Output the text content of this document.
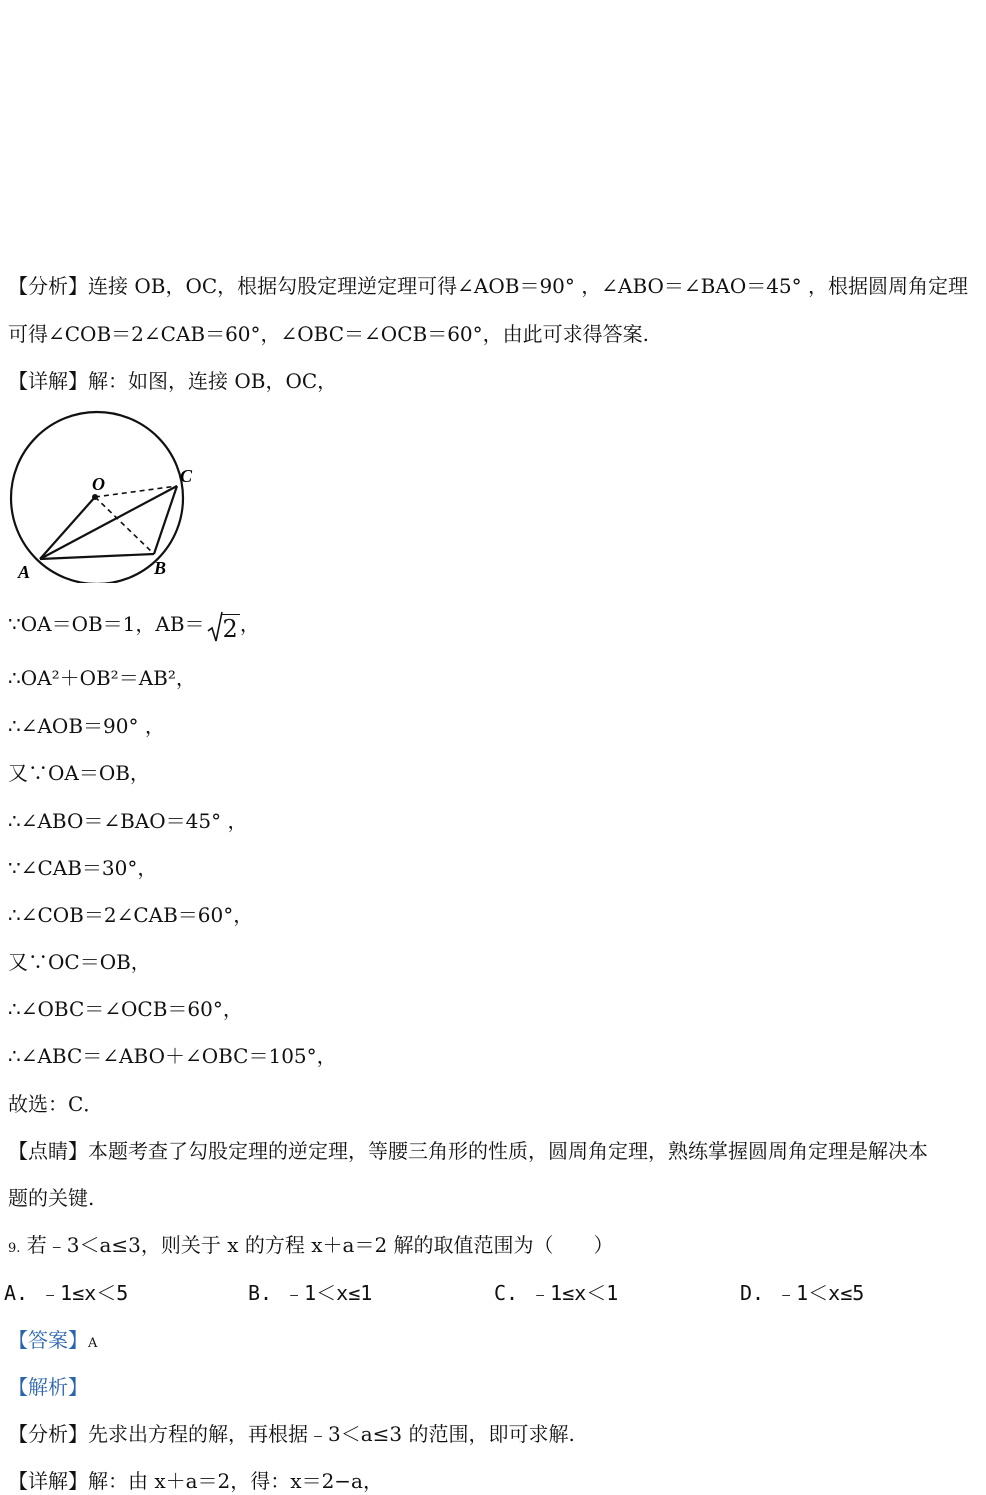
【分析】连接 OB，OC，根据勾股定理逆定理可得∠AOB＝90° ，∠ABO＝∠BAO＝45° ，根据圆周角定理
可得∠COB＝2∠CAB＝60°，∠OBC＝∠OCB＝60°，由此可求得答案.
【详解】解：如图，连接 OB，OC，
O	C
A	B
∵OA＝OB＝1，AB＝ 2 ，
∴OA²＋OB²＝AB²，
∴∠AOB＝90° ，
又∵OA＝OB，
∴∠ABO＝∠BAO＝45° ，
∵∠CAB＝30°，
∴∠COB＝2∠CAB＝60°，
又∵OC＝OB，
∴∠OBC＝∠OCB＝60°，
∴∠ABC＝∠ABO＋∠OBC＝105°，
故选：C．
【点睛】本题考查了勾股定理的逆定理，等腰三角形的性质，圆周角定理，熟练掌握圆周角定理是解决本
题的关键.
9. 若﹣3＜a≤3，则关于 x 的方程 x＋a＝2 解的取值范围为（　　）
A. ﹣1≤x＜5	B. ﹣1＜x≤1	C. ﹣1≤x＜1	D. ﹣1＜x≤5
【答案】A
【解析】
【分析】先求出方程的解，再根据﹣3＜a≤3 的范围，即可求解.
【详解】解：由 x＋a＝2，得：x＝2−a，
